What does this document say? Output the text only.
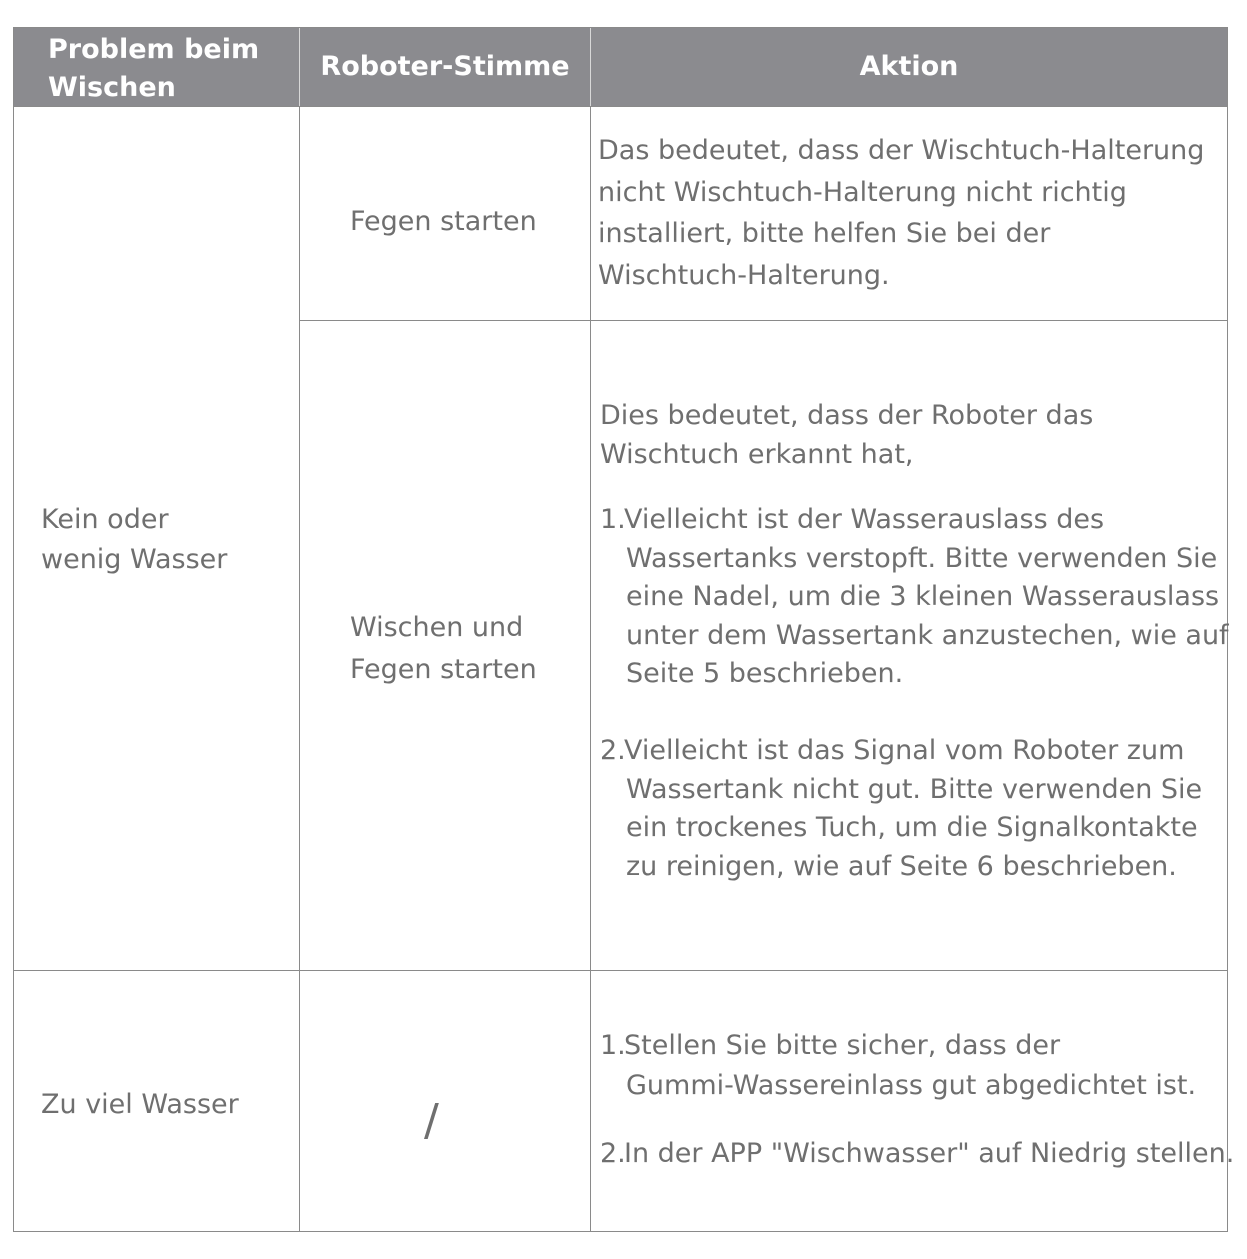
Problem beim
Wischen
Roboter-Stimme	Aktion
Kein oder
wenig Wasser
Fegen starten
Das bedeutet, dass der Wischtuch-Halterung
nicht Wischtuch-Halterung nicht richtig
installiert, bitte helfen Sie bei der
Wischtuch-Halterung.
Wischen und
Fegen starten
Dies bedeutet, dass der Roboter das
Wischtuch erkannt hat,
1.
Vielleicht ist der Wasserauslass des
Wassertanks verstopft. Bitte verwenden Sie
eine Nadel, um die 3 kleinen Wasserauslass
unter dem Wassertank anzustechen, wie auf
Seite 5 beschrieben.
2.
Vielleicht ist das Signal vom Roboter zum
Wassertank nicht gut. Bitte verwenden Sie
ein trockenes Tuch, um die Signalkontakte
zu reinigen, wie auf Seite 6 beschrieben.
Zu viel Wasser	/
1.
Stellen Sie bitte sicher, dass der
Gummi-Wassereinlass gut abgedichtet ist.
2.
In der APP "Wischwasser" auf Niedrig stellen.
